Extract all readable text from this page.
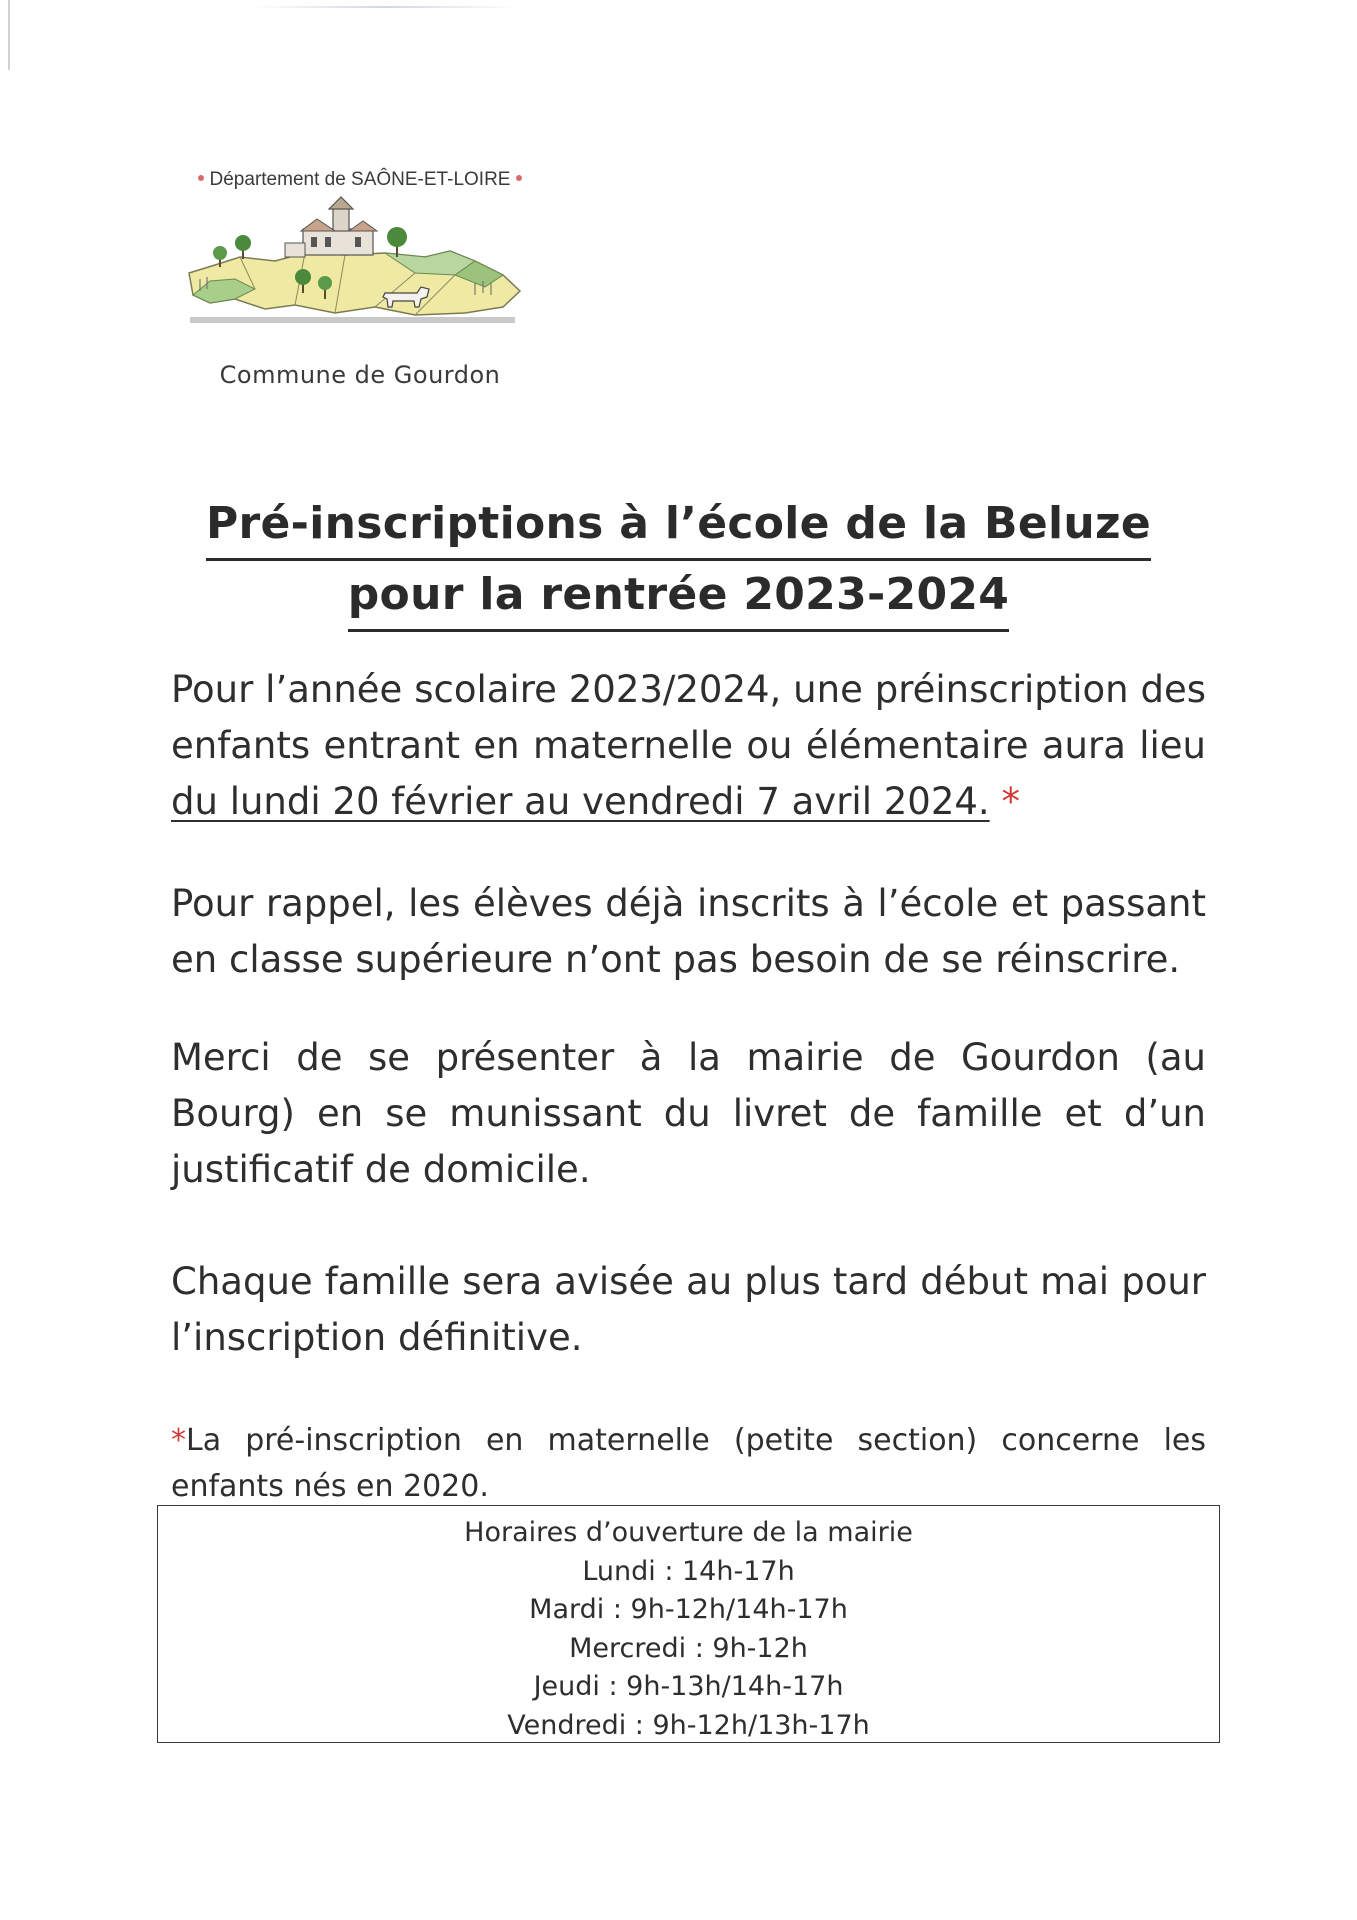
Département de SAÔNE-ET-LOIRE
Commune de Gourdon
Pré-inscriptions à l’école de la Beluze
pour la rentrée 2023-2024
Pour l’année scolaire 2023/2024, une préinscription des enfants entrant en maternelle ou élémentaire aura lieu du lundi 20 février au vendredi 7 avril 2024. *
Pour rappel, les élèves déjà inscrits à l’école et passant en classe supérieure n’ont pas besoin de se réinscrire.
Merci de se présenter à la mairie de Gourdon (au Bourg) en se munissant du livret de famille et d’un justificatif de domicile.
Chaque famille sera avisée au plus tard début mai pour l’inscription définitive.
*La pré-inscription en maternelle (petite section) concerne les enfants nés en 2020.
Horaires d’ouverture de la mairie
Lundi : 14h-17h
Mardi : 9h-12h/14h-17h
Mercredi : 9h-12h
Jeudi : 9h-13h/14h-17h
Vendredi : 9h-12h/13h-17h
